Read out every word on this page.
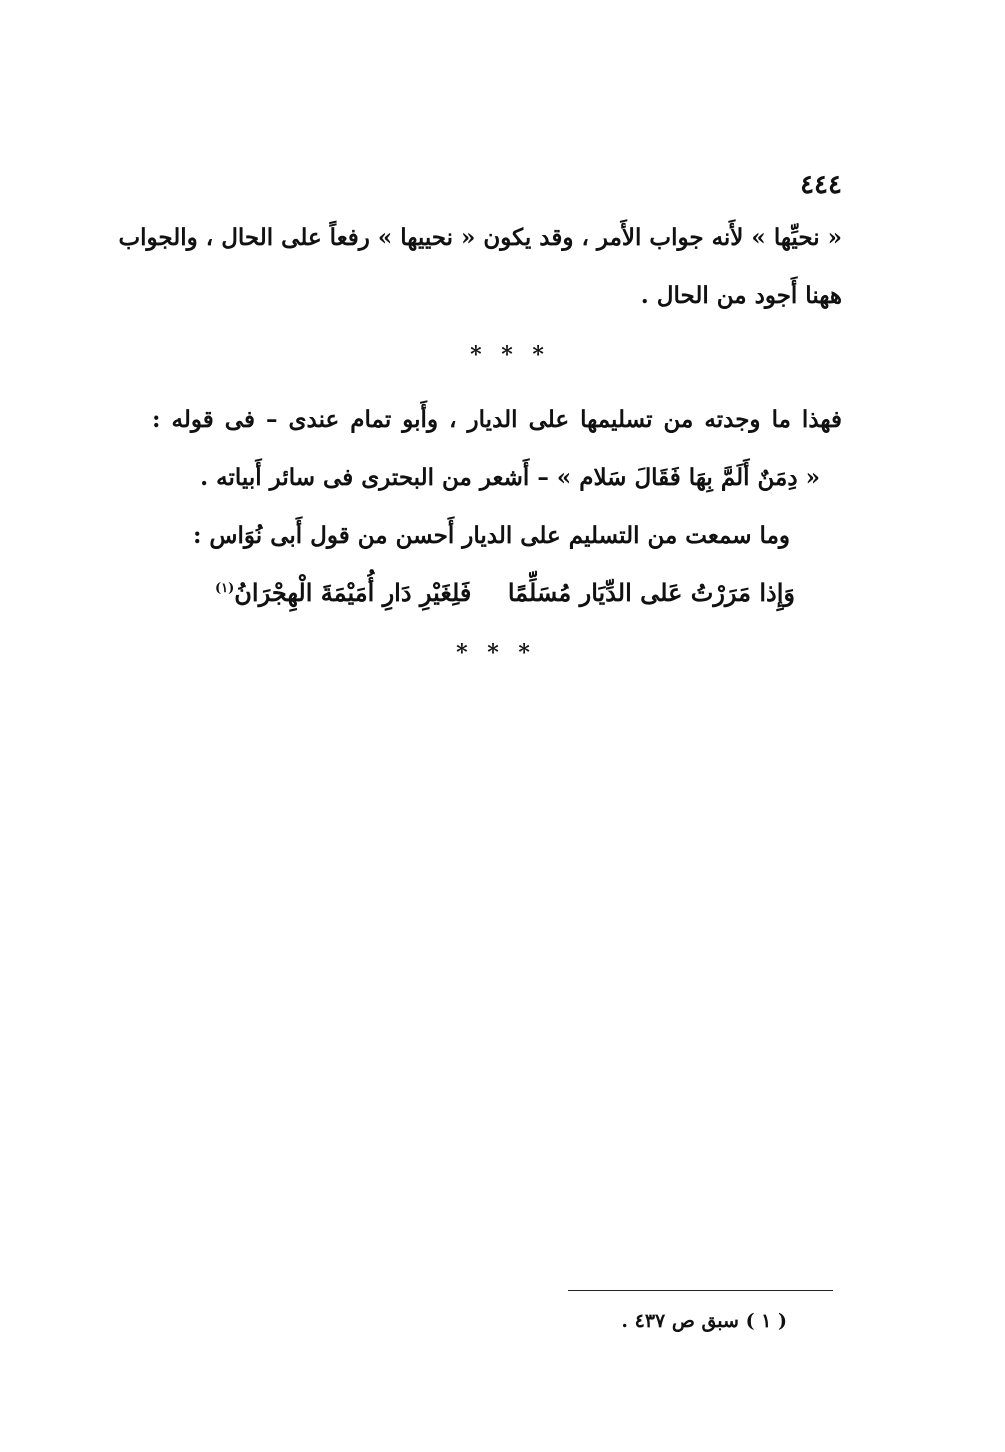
٤٤٤
« نحيِّها » لأَنه جواب الأَمر ، وقد يكون « نحييها » رفعاً على الحال ، والجواب
ههنا أَجود من الحال .
* * *
فهذا ما وجدته من تسليمها على الديار ، وأَبو تمام عندى – فى قوله :
« دِمَنٌ أَلَمَّ بِهَا فَقَالَ سَلام » – أَشعر من البحترى فى سائر أَبياته .
وما سمعت من التسليم على الديار أَحسن من قول أَبى نُوَاس :
وَإِذا مَرَرْتُ عَلى الدِّيَار مُسَلِّمًا
فَلِغَيْرِ دَارِ أُمَيْمَةَ الْهِجْرَانُ$^{(١)}$
* * *
( ١ ) سبق ص ٤٣٧ .
